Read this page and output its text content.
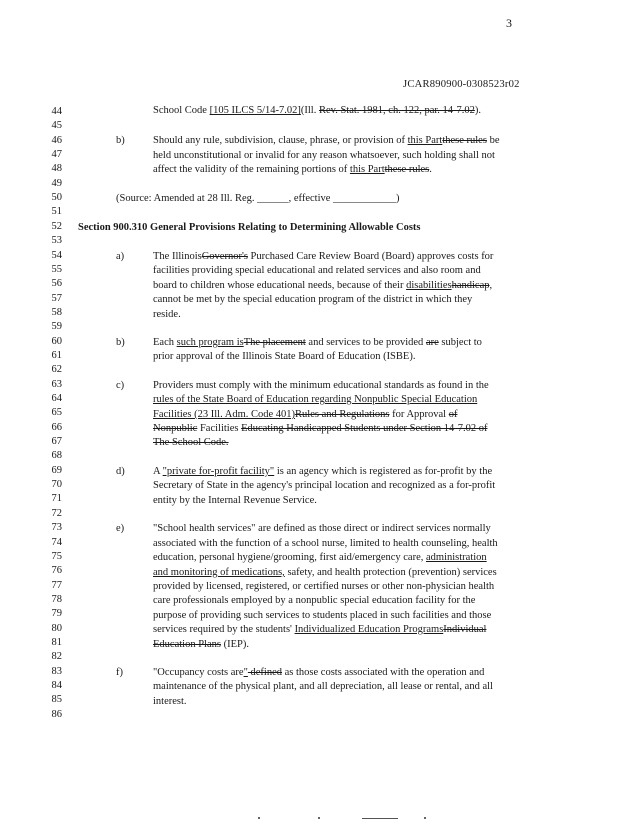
3
JCAR890900-0308523r02
44
45
46
47
48
49
50
51
52
53
54
55
56
57
58
59
60
61
62
63
64
65
66
67
68
69
70
71
72
73
74
75
76
77
78
79
80
81
82
83
84
85
86
School Code [105 ILCS 5/14-7.02](Ill. Rev. Stat. 1981, ch. 122, par. 14-7.02).
b)	Should any rule, subdivision, clause, phrase, or provision of this Partthese rules be
held unconstitutional or invalid for any reason whatsoever, such holding shall not
affect the validity of the remaining portions of this Partthese rules.
(Source: Amended at 28 Ill. Reg. ______, effective ____________)
Section 900.310 General Provisions Relating to Determining Allowable Costs
a)	The IllinoisGovernor's Purchased Care Review Board (Board) approves costs for
facilities providing special educational and related services and also room and
board to children whose educational needs, because of their disabilitieshandicap,
cannot be met by the special education program of the district in which they
reside.
b)	Each such program isThe placement and services to be provided are subject to
prior approval of the Illinois State Board of Education (ISBE).
c)	Providers must comply with the minimum educational standards as found in the
rules of the State Board of Education regarding Nonpublic Special Education
Facilities (23 Ill. Adm. Code 401)Rules and Regulations for Approval of
Nonpublic Facilities Educating Handicapped Students under Section 14-7.02 of
The School Code.
d)	A "private for-profit facility" is an agency which is registered as for-profit by the
Secretary of State in the agency's principal location and recognized as a for-profit
entity by the Internal Revenue Service.
e)	"School health services" are defined as those direct or indirect services normally
associated with the function of a school nurse, limited to health counseling, health
education, personal hygiene/grooming, first aid/emergency care, administration
and monitoring of medications, safety, and health protection (prevention) services
provided by licensed, registered, or certified nurses or other non-physician health
care professionals employed by a nonpublic special education facility for the
purpose of providing such services to students placed in such facilities and those
services required by the students' Individualized Education ProgramsIndividual
Education Plans (IEP).
f)	"Occupancy costs are" defined as those costs associated with the operation and
maintenance of the physical plant, and all depreciation, all lease or rental, and all
interest.
